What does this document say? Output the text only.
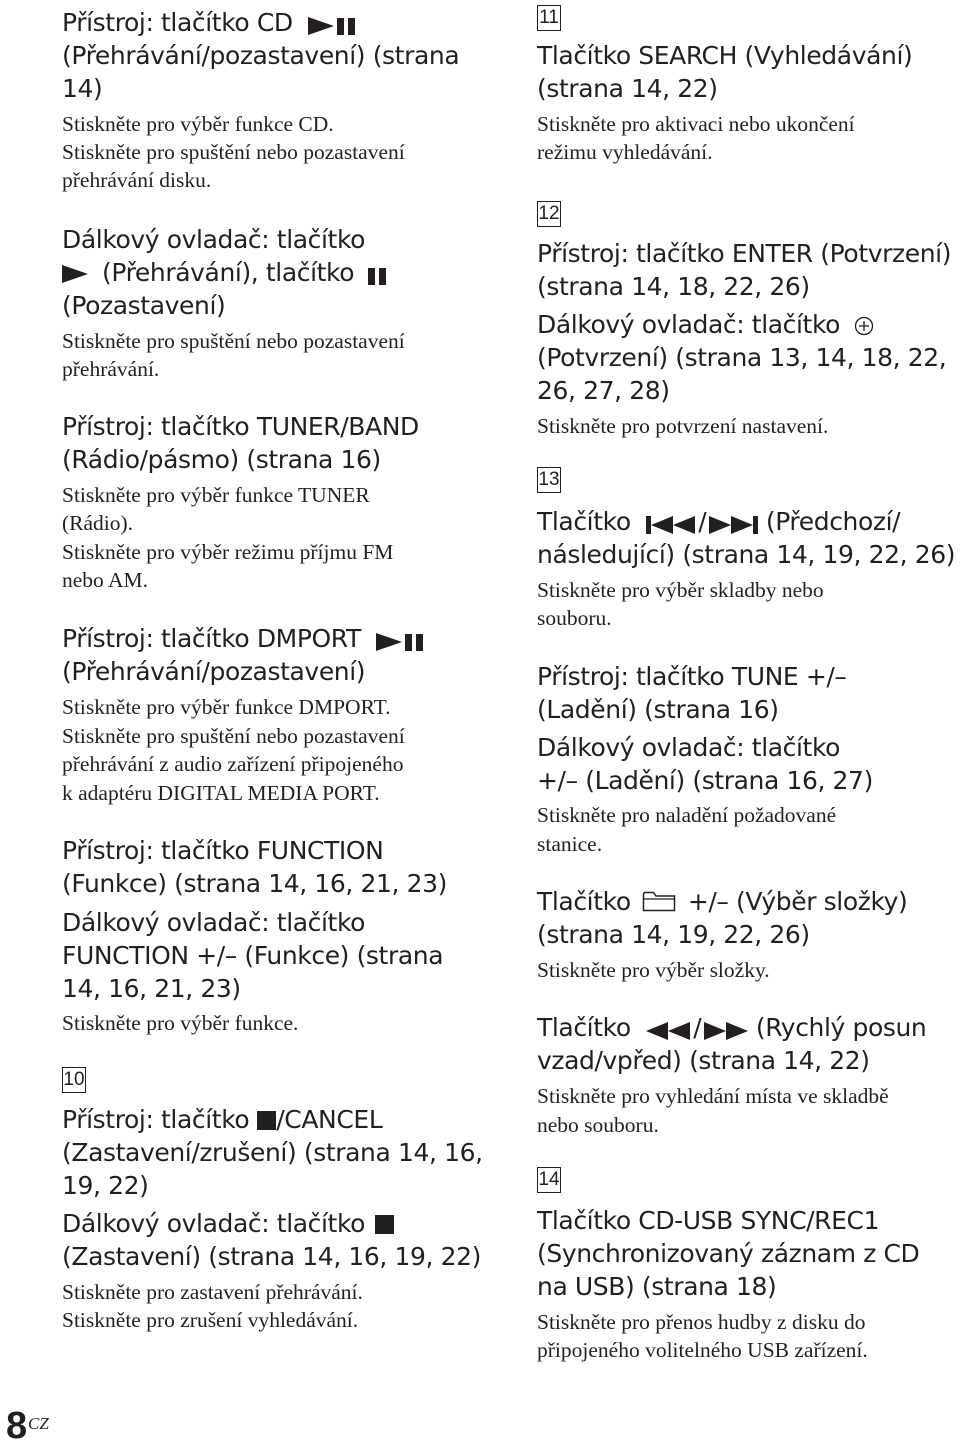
Přístroj: tlačítko CD
(Přehrávání/pozastavení) (strana
14)
Stiskněte pro výběr funkce CD.
Stiskněte pro spuštění nebo pozastavení
přehrávání disku.
Dálkový ovladač: tlačítko
(Přehrávání), tlačítko
(Pozastavení)
Stiskněte pro spuštění nebo pozastavení
přehrávání.
Přístroj: tlačítko TUNER/BAND
(Rádio/pásmo) (strana 16)
Stiskněte pro výběr funkce TUNER
(Rádio).
Stiskněte pro výběr režimu příjmu FM
nebo AM.
Přístroj: tlačítko DMPORT
(Přehrávání/pozastavení)
Stiskněte pro výběr funkce DMPORT.
Stiskněte pro spuštění nebo pozastavení
přehrávání z audio zařízení připojeného
k adaptéru DIGITAL MEDIA PORT.
Přístroj: tlačítko FUNCTION
(Funkce) (strana 14, 16, 21, 23)
Dálkový ovladač: tlačítko
FUNCTION +/– (Funkce) (strana
14, 16, 21, 23)
Stiskněte pro výběr funkce.
10
Přístroj: tlačítko /CANCEL
(Zastavení/zrušení) (strana 14, 16,
19, 22)
Dálkový ovladač: tlačítko
(Zastavení) (strana 14, 16, 19, 22)
Stiskněte pro zastavení přehrávání.
Stiskněte pro zrušení vyhledávání.
11
Tlačítko SEARCH (Vyhledávání)
(strana 14, 22)
Stiskněte pro aktivaci nebo ukončení
režimu vyhledávání.
12
Přístroj: tlačítko ENTER (Potvrzení)
(strana 14, 18, 22, 26)
Dálkový ovladač: tlačítko
(Potvrzení) (strana 13, 14, 18, 22,
26, 27, 28)
Stiskněte pro potvrzení nastavení.
13
Tlačítko	/ (Předchozí/
následující) (strana 14, 19, 22, 26)
Stiskněte pro výběr skladby nebo
souboru.
Přístroj: tlačítko TUNE +/–
(Ladění) (strana 16)
Dálkový ovladač: tlačítko
+/– (Ladění) (strana 16, 27)
Stiskněte pro naladění požadované
stanice.
Tlačítko +/– (Výběr složky)
(strana 14, 19, 22, 26)
Stiskněte pro výběr složky.
Tlačítko	/ (Rychlý posun
vzad/vpřed) (strana 14, 22)
Stiskněte pro vyhledání místa ve skladbě
nebo souboru.
14
Tlačítko CD-USB SYNC/REC1
(Synchronizovaný záznam z CD
na USB) (strana 18)
Stiskněte pro přenos hudby z disku do
připojeného volitelného USB zařízení.
8 CZ
